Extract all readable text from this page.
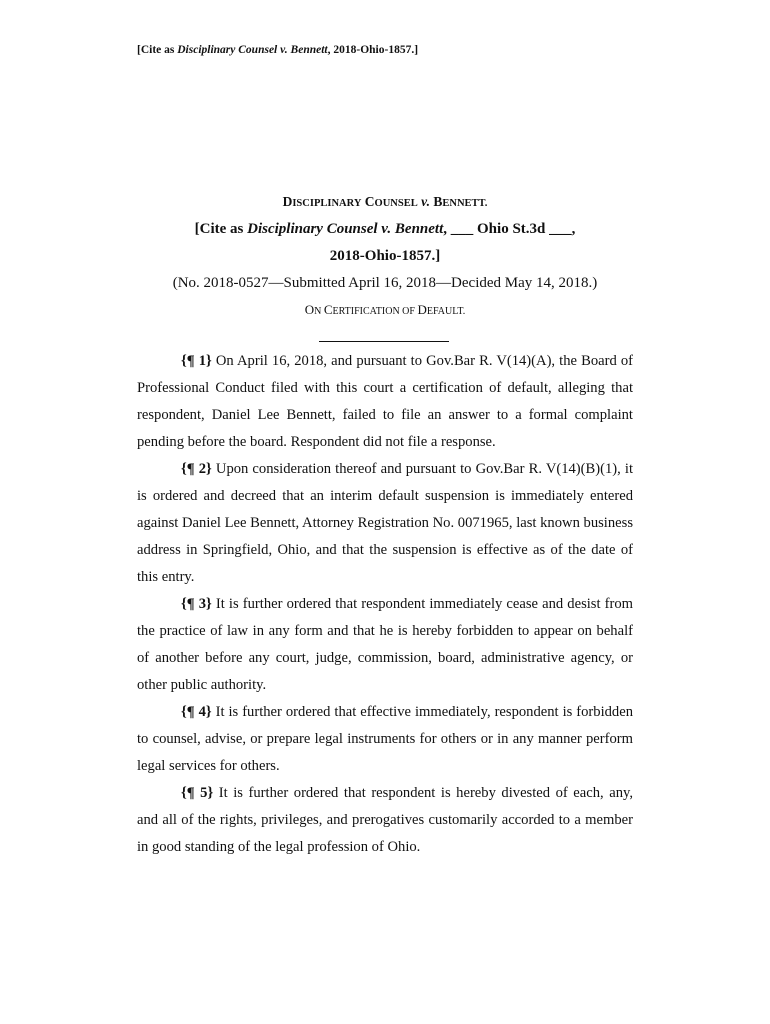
[Cite as Disciplinary Counsel v. Bennett, 2018-Ohio-1857.]
DISCIPLINARY COUNSEL v. BENNETT.
[Cite as Disciplinary Counsel v. Bennett, ___ Ohio St.3d ___,
2018-Ohio-1857.]
(No. 2018-0527—Submitted April 16, 2018—Decided May 14, 2018.)
ON CERTIFICATION OF DEFAULT.

{¶ 1} On April 16, 2018, and pursuant to Gov.Bar R. V(14)(A), the Board of Professional Conduct filed with this court a certification of default, alleging that respondent, Daniel Lee Bennett, failed to file an answer to a formal complaint pending before the board. Respondent did not file a response.

{¶ 2} Upon consideration thereof and pursuant to Gov.Bar R. V(14)(B)(1), it is ordered and decreed that an interim default suspension is immediately entered against Daniel Lee Bennett, Attorney Registration No. 0071965, last known business address in Springfield, Ohio, and that the suspension is effective as of the date of this entry.

{¶ 3} It is further ordered that respondent immediately cease and desist from the practice of law in any form and that he is hereby forbidden to appear on behalf of another before any court, judge, commission, board, administrative agency, or other public authority.

{¶ 4} It is further ordered that effective immediately, respondent is forbidden to counsel, advise, or prepare legal instruments for others or in any manner perform legal services for others.

{¶ 5} It is further ordered that respondent is hereby divested of each, any, and all of the rights, privileges, and prerogatives customarily accorded to a member in good standing of the legal profession of Ohio.
